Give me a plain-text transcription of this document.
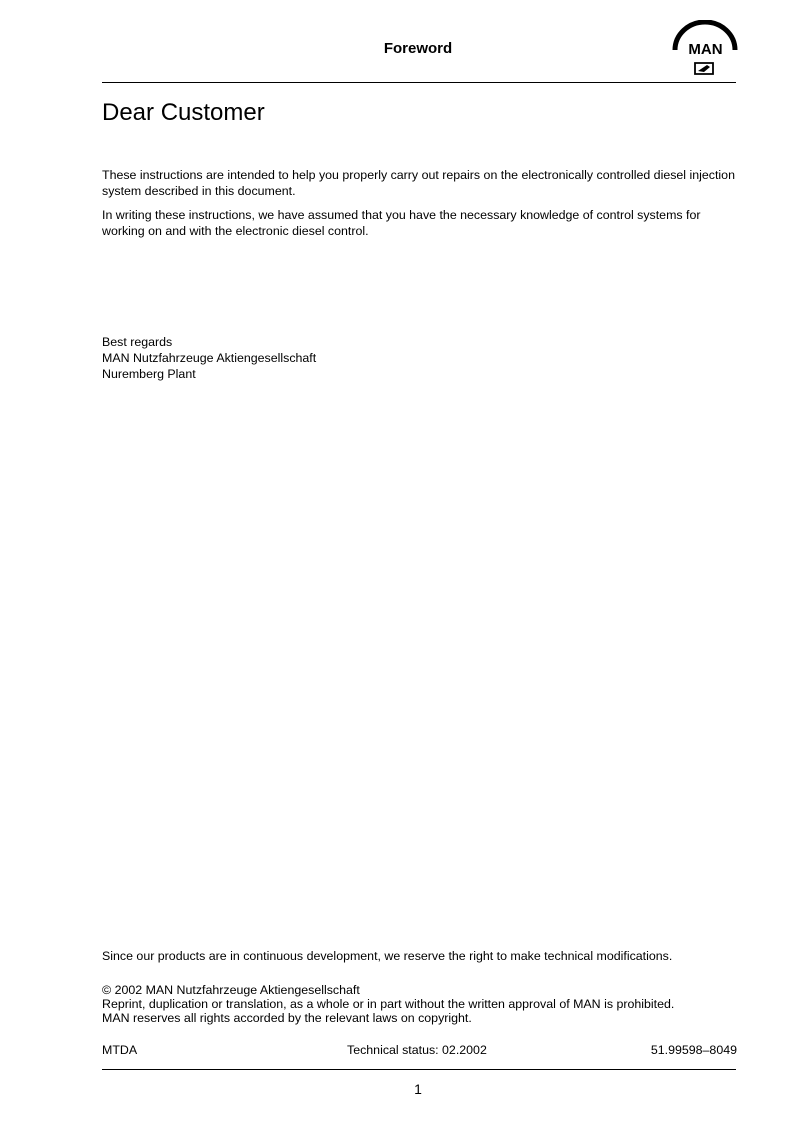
Foreword	MAN
Dear Customer

These instructions are intended to help you properly carry out repairs on the electronically controlled diesel injection system described in this document.

In writing these instructions, we have assumed that you have the necessary knowledge of control systems for working on and with the electronic diesel control.

Best regards
MAN Nutzfahrzeuge Aktiengesellschaft
Nuremberg Plant
Since our products are in continuous development, we reserve the right to make technical modifications.
© 2002 MAN Nutzfahrzeuge Aktiengesellschaft
Reprint, duplication or translation, as a whole or in part without the written approval of MAN is prohibited.
MAN reserves all rights accorded by the relevant laws on copyright.
MTDA	Technical status: 02.2002	51.99598–8049
1
